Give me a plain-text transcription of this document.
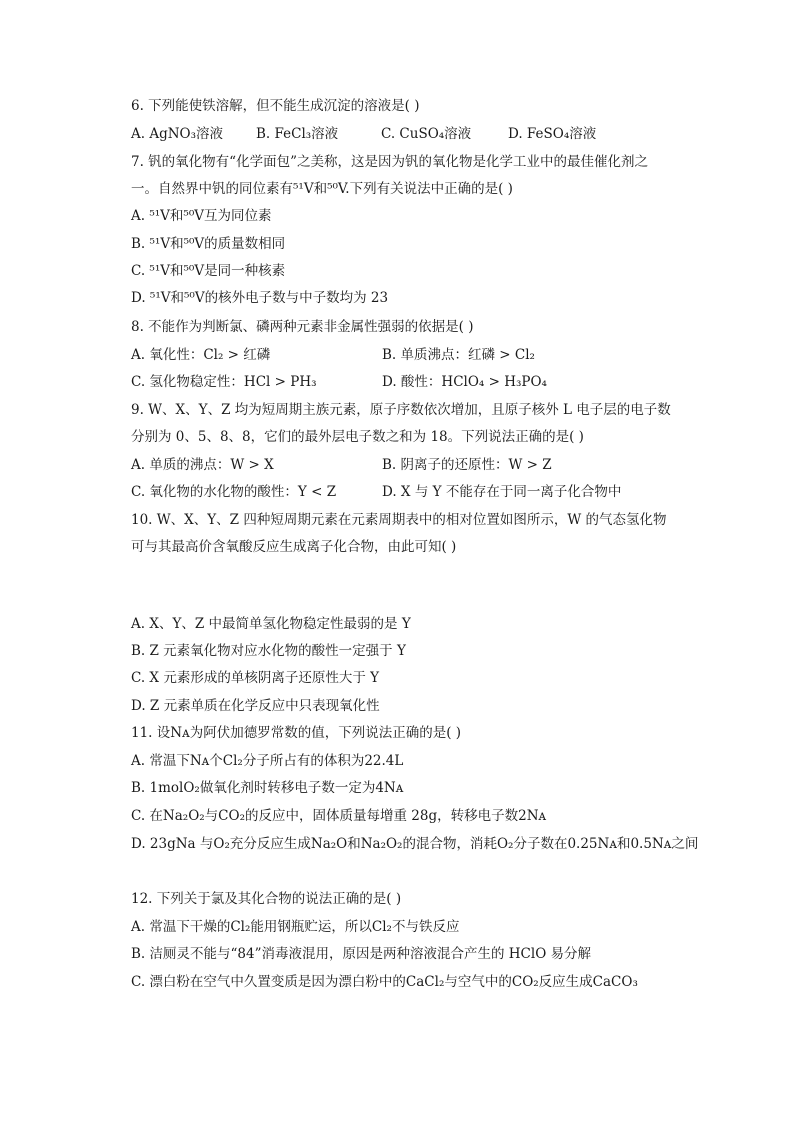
6. 下列能使铁溶解，但不能生成沉淀的溶液是( )
A. AgNO₃溶液 B. FeCl₃溶液	C. CuSO₄溶液	D. FeSO₄溶液
7. 钒的氧化物有“化学面包”之美称，这是因为钒的氧化物是化学工业中的最佳催化剂之
一。自然界中钒的同位素有⁵¹V和⁵⁰V.下列有关说法中正确的是( )
A. ⁵¹V和⁵⁰V互为同位素
B. ⁵¹V和⁵⁰V的质量数相同
C. ⁵¹V和⁵⁰V是同一种核素
D. ⁵¹V和⁵⁰V的核外电子数与中子数均为 23
8. 不能作为判断氯、磷两种元素非金属性强弱的依据是( )
A. 氧化性：Cl₂ > 红磷	B. 单质沸点：红磷 > Cl₂
C. 氢化物稳定性：HCl > PH₃	D. 酸性：HClO₄ > H₃PO₄
9. W、X、Y、Z 均为短周期主族元素，原子序数依次增加，且原子核外 L 电子层的电子数
分别为 0、5、8、8，它们的最外层电子数之和为 18。下列说法正确的是( )
A. 单质的沸点：W > X	B. 阴离子的还原性：W > Z
C. 氧化物的水化物的酸性：Y < Z	D. X 与 Y 不能存在于同一离子化合物中
10. W、X、Y、Z 四种短周期元素在元素周期表中的相对位置如图所示，W 的气态氢化物
可与其最高价含氧酸反应生成离子化合物，由此可知( )
A. X、Y、Z 中最简单氢化物稳定性最弱的是 Y
B. Z 元素氧化物对应水化物的酸性一定强于 Y
C. X 元素形成的单核阴离子还原性大于 Y
D. Z 元素单质在化学反应中只表现氧化性
11. 设Nᴀ为阿伏加德罗常数的值，下列说法正确的是( )
A. 常温下Nᴀ个Cl₂分子所占有的体积为22.4L
B. 1molO₂做氧化剂时转移电子数一定为4Nᴀ
C. 在Na₂O₂与CO₂的反应中，固体质量每增重 28g，转移电子数2Nᴀ
D. 23gNa 与O₂充分反应生成Na₂O和Na₂O₂的混合物，消耗O₂分子数在0.25Nᴀ和0.5Nᴀ之间
12. 下列关于氯及其化合物的说法正确的是( )
A. 常温下干燥的Cl₂能用钢瓶贮运，所以Cl₂不与铁反应
B. 洁厕灵不能与“84”消毒液混用，原因是两种溶液混合产生的 HClO 易分解
C. 漂白粉在空气中久置变质是因为漂白粉中的CaCl₂与空气中的CO₂反应生成CaCO₃
